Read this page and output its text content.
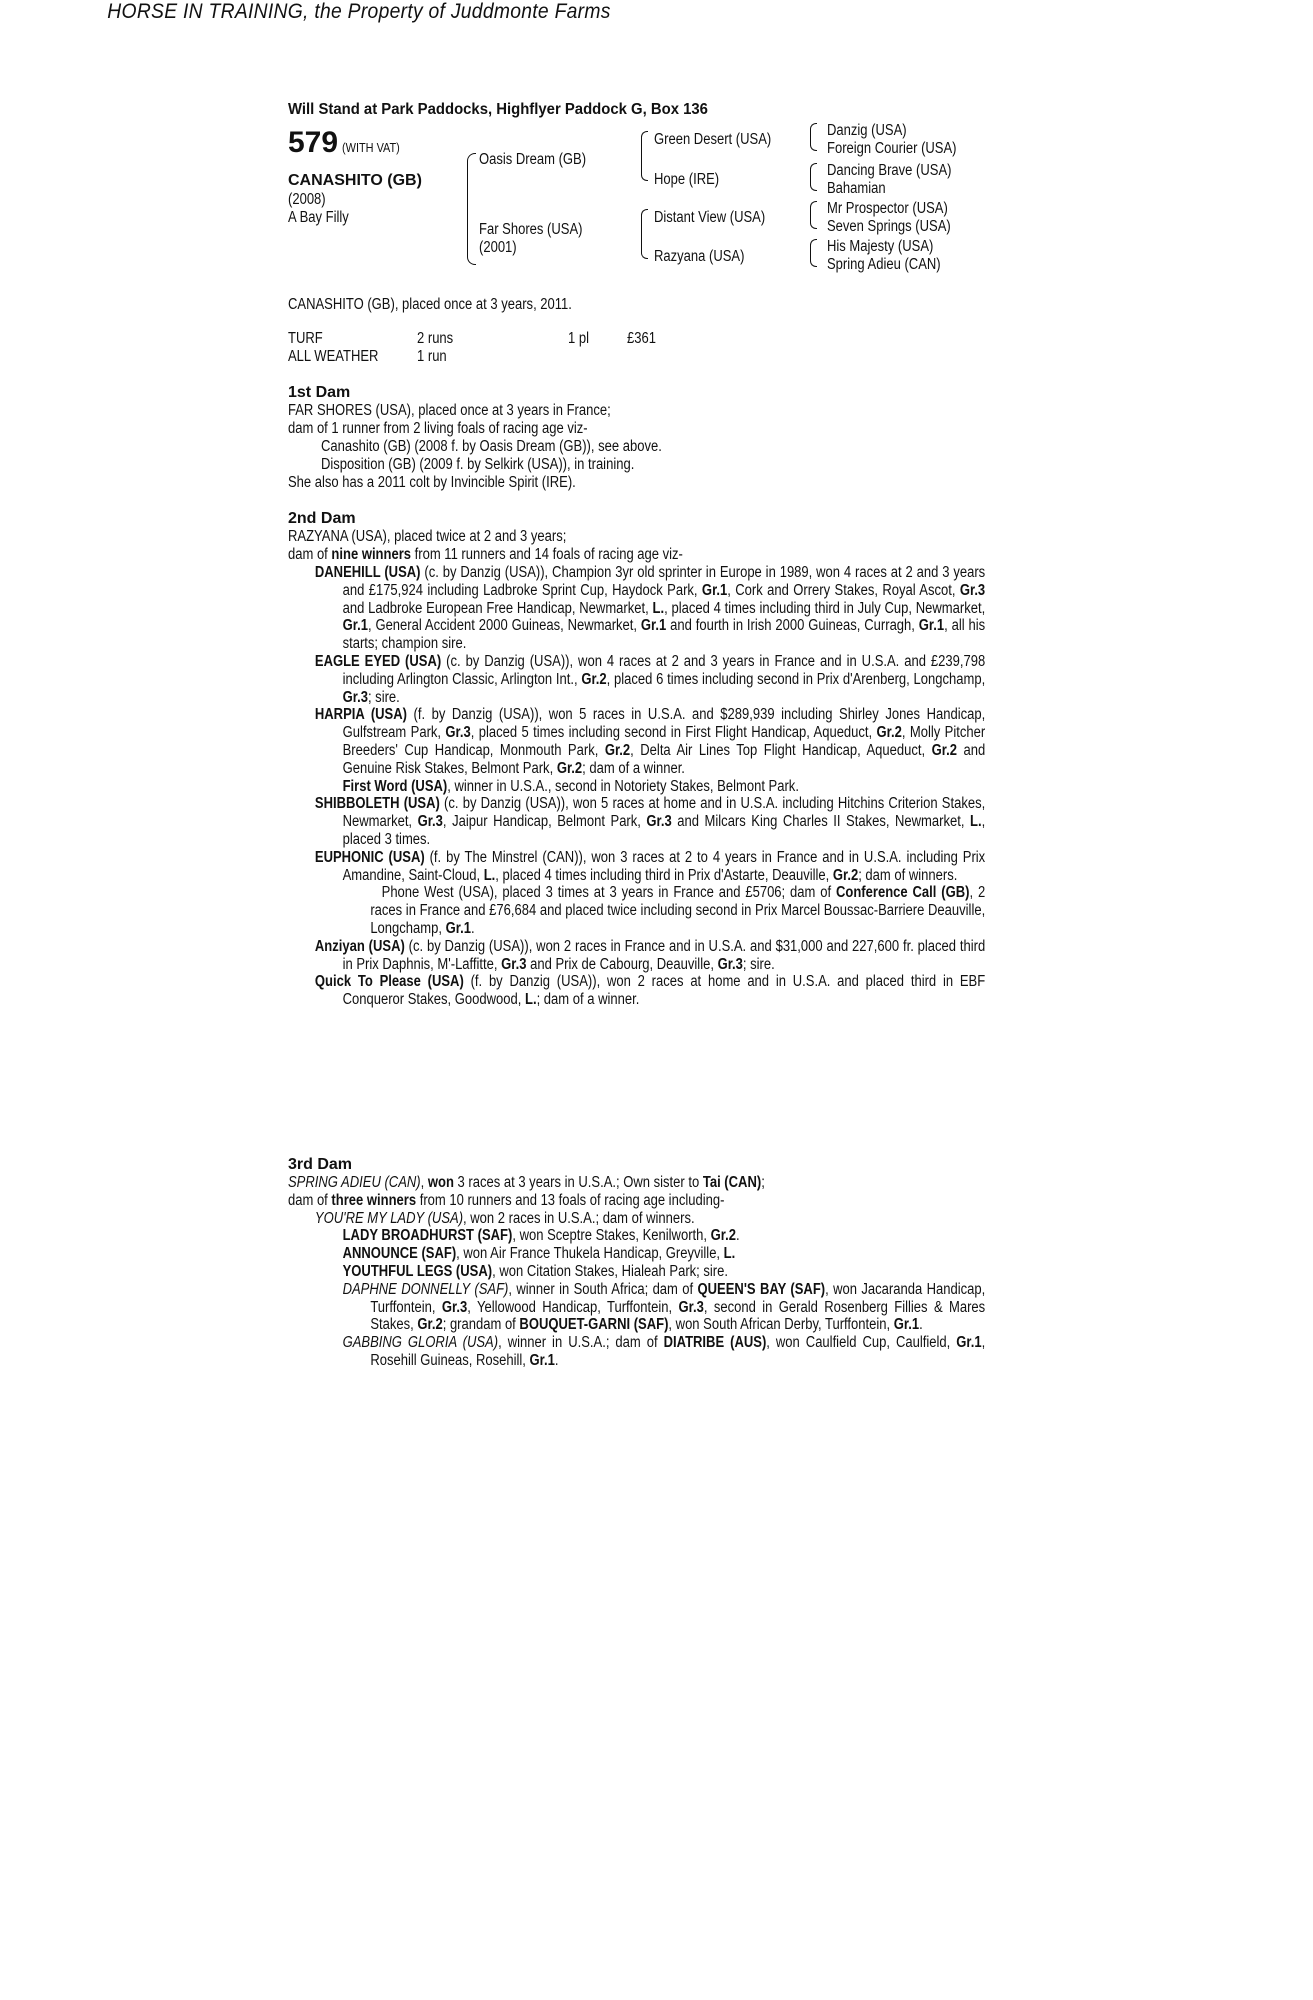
HORSE IN TRAINING, the Property of Juddmonte Farms
Will Stand at Park Paddocks, Highflyer Paddock G, Box 136
579 (WITH VAT)
CANASHITO (GB)
(2008)
A Bay Filly
Oasis Dream (GB)
Far Shores (USA)
(2001)
Green Desert (USA)
Hope (IRE)
Distant View (USA)
Razyana (USA)
Danzig (USA)
Foreign Courier (USA)
Dancing Brave (USA)
Bahamian
Mr Prospector (USA)
Seven Springs (USA)
His Majesty (USA)
Spring Adieu (CAN)
CANASHITO (GB), placed once at 3 years, 2011.
TURF	2 runs	1 pl £361
ALL WEATHER 1 run
1st Dam
FAR SHORES (USA), placed once at 3 years in France;
dam of 1 runner from 2 living foals of racing age viz-
Canashito (GB) (2008 f. by Oasis Dream (GB)), see above.
Disposition (GB) (2009 f. by Selkirk (USA)), in training.
She also has a 2011 colt by Invincible Spirit (IRE).
2nd Dam
RAZYANA (USA), placed twice at 2 and 3 years;
dam of nine winners from 11 runners and 14 foals of racing age viz-

DANEHILL (USA) (c. by Danzig (USA)), Champion 3yr old sprinter in Europe in 1989, won 4 races at 2 and 3 years and £175,924 including Ladbroke Sprint Cup, Haydock Park, Gr.1, Cork and Orrery Stakes, Royal Ascot, Gr.3 and Ladbroke European Free Handicap, Newmarket, L., placed 4 times including third in July Cup, Newmarket, Gr.1, General Accident 2000 Guineas, Newmarket, Gr.1 and fourth in Irish 2000 Guineas, Curragh, Gr.1, all his starts; champion sire.

EAGLE EYED (USA) (c. by Danzig (USA)), won 4 races at 2 and 3 years in France and in U.S.A. and £239,798 including Arlington Classic, Arlington Int., Gr.2, placed 6 times including second in Prix d'Arenberg, Longchamp, Gr.3; sire.

HARPIA (USA) (f. by Danzig (USA)), won 5 races in U.S.A. and $289,939 including Shirley Jones Handicap, Gulfstream Park, Gr.3, placed 5 times including second in First Flight Handicap, Aqueduct, Gr.2, Molly Pitcher Breeders' Cup Handicap, Monmouth Park, Gr.2, Delta Air Lines Top Flight Handicap, Aqueduct, Gr.2 and Genuine Risk Stakes, Belmont Park, Gr.2; dam of a winner.

First Word (USA), winner in U.S.A., second in Notoriety Stakes, Belmont Park.

SHIBBOLETH (USA) (c. by Danzig (USA)), won 5 races at home and in U.S.A. including Hitchins Criterion Stakes, Newmarket, Gr.3, Jaipur Handicap, Belmont Park, Gr.3 and Milcars King Charles II Stakes, Newmarket, L., placed 3 times.

EUPHONIC (USA) (f. by The Minstrel (CAN)), won 3 races at 2 to 4 years in France and in U.S.A. including Prix Amandine, Saint-Cloud, L., placed 4 times including third in Prix d'Astarte, Deauville, Gr.2; dam of winners.

Phone West (USA), placed 3 times at 3 years in France and £5706; dam of Conference Call (GB), 2 races in France and £76,684 and placed twice including second in Prix Marcel Boussac-Barriere Deauville, Longchamp, Gr.1.

Anziyan (USA) (c. by Danzig (USA)), won 2 races in France and in U.S.A. and $31,000 and 227,600 fr. placed third in Prix Daphnis, M'-Laffitte, Gr.3 and Prix de Cabourg, Deauville, Gr.3; sire.

Quick To Please (USA) (f. by Danzig (USA)), won 2 races at home and in U.S.A. and placed third in EBF Conqueror Stakes, Goodwood, L.; dam of a winner.

3rd Dam

SPRING ADIEU (CAN), won 3 races at 3 years in U.S.A.; Own sister to Tai (CAN);

dam of three winners from 10 runners and 13 foals of racing age including-

YOU'RE MY LADY (USA), won 2 races in U.S.A.; dam of winners.

LADY BROADHURST (SAF), won Sceptre Stakes, Kenilworth, Gr.2.

ANNOUNCE (SAF), won Air France Thukela Handicap, Greyville, L.

YOUTHFUL LEGS (USA), won Citation Stakes, Hialeah Park; sire.

DAPHNE DONNELLY (SAF), winner in South Africa; dam of QUEEN'S BAY (SAF), won Jacaranda Handicap, Turffontein, Gr.3, Yellowood Handicap, Turffontein, Gr.3, second in Gerald Rosenberg Fillies & Mares Stakes, Gr.2; grandam of BOUQUET-GARNI (SAF), won South African Derby, Turffontein, Gr.1.

GABBING GLORIA (USA), winner in U.S.A.; dam of DIATRIBE (AUS), won Caulfield Cup, Caulfield, Gr.1, Rosehill Guineas, Rosehill, Gr.1.
